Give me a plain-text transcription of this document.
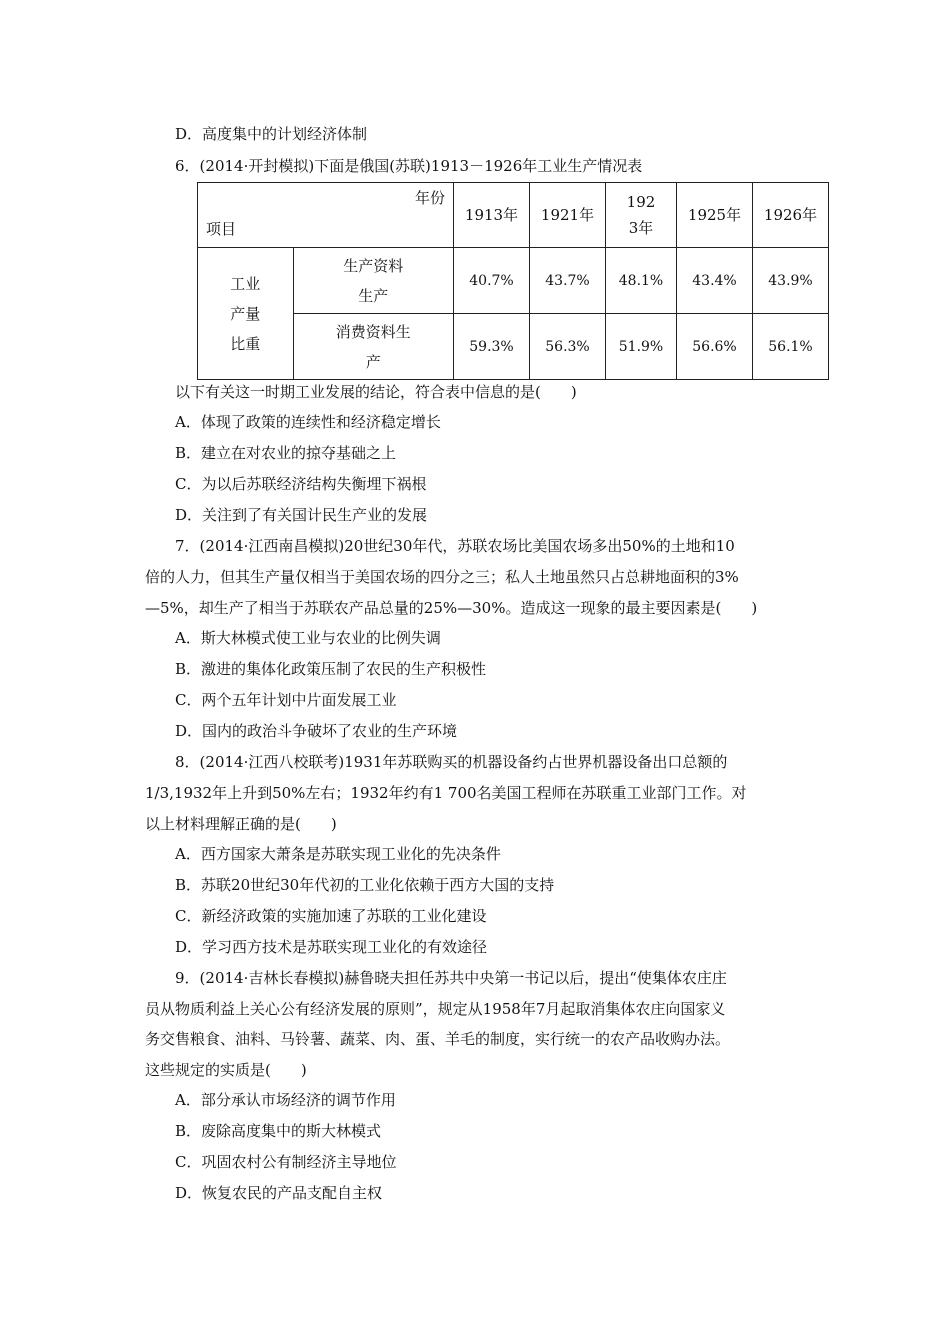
D．高度集中的计划经济体制
6．(2014·开封模拟)下面是俄国(苏联)1913－1926年工业生产情况表
年份
项目		1913年	1921年	1923年	1925年	1926年

工业产量比重	生产资料生产	40.7%	43.7%	48.1%	43.4%	43.9%

	消费资料生产	59.3%	56.3%	51.9%	56.6%	56.1%
以下有关这一时期工业发展的结论，符合表中信息的是(　　)
A．体现了政策的连续性和经济稳定增长
B．建立在对农业的掠夺基础之上
C．为以后苏联经济结构失衡埋下祸根
D．关注到了有关国计民生产业的发展
7．(2014·江西南昌模拟)20世纪30年代，苏联农场比美国农场多出50%的土地和10
倍的人力，但其生产量仅相当于美国农场的四分之三；私人土地虽然只占总耕地面积的3%
—5%，却生产了相当于苏联农产品总量的25%—30%。造成这一现象的最主要因素是(　　)
A．斯大林模式使工业与农业的比例失调
B．激进的集体化政策压制了农民的生产积极性
C．两个五年计划中片面发展工业
D．国内的政治斗争破坏了农业的生产环境
8．(2014·江西八校联考)1931年苏联购买的机器设备约占世界机器设备出口总额的
1/3,1932年上升到50%左右；1932年约有1 700名美国工程师在苏联重工业部门工作。对
以上材料理解正确的是(　　)
A．西方国家大萧条是苏联实现工业化的先决条件
B．苏联20世纪30年代初的工业化依赖于西方大国的支持
C．新经济政策的实施加速了苏联的工业化建设
D．学习西方技术是苏联实现工业化的有效途径
9．(2014·吉林长春模拟)赫鲁晓夫担任苏共中央第一书记以后，提出“使集体农庄庄
员从物质利益上关心公有经济发展的原则”，规定从1958年7月起取消集体农庄向国家义
务交售粮食、油料、马铃薯、蔬菜、肉、蛋、羊毛的制度，实行统一的农产品收购办法。
这些规定的实质是(　　)
A．部分承认市场经济的调节作用
B．废除高度集中的斯大林模式
C．巩固农村公有制经济主导地位
D．恢复农民的产品支配自主权
